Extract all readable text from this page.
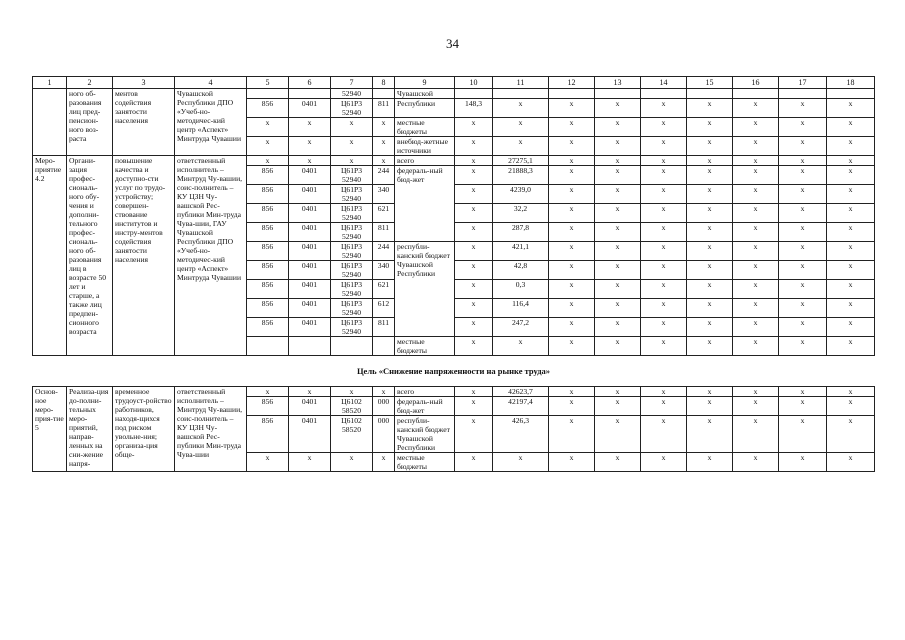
34
1	2	3	4	5	6	7	8	9	10	11	12	13	14	15	16	17	18
	ного об-разования лиц пред-пенсион-ного воз-раста	ментов содействия занятости населения	Чувашской Республики ДПО «Учеб-но-методичес-кий центр «Аспект» Минтруда Чувашии			52940		Чувашской									
				856	0401	Ц61Р3 52940	811	Республики	148,3	x	x	x	x	x	x	x	x
				x	x	x	x	местные бюджеты	x	x	x	x	x	x	x	x	x
				x	x	x	x	внебюд-жетные источники	x	x	x	x	x	x	x	x	x
Меро-приятие 4.2	Органи-зация профес-сиональ-ного обу-чения и дополни-тельного профес-сиональ-ного об-разования лиц в возрасте 50 лет и старше, а также лиц предпен-сионного возраста	повышение качества и доступно-сти услуг по трудо-устройству; совершен-ствование институтов и инстру-ментов содействия занятости населения	ответственный исполнитель – Минтруд Чу-вашии, соис-полнитель – КУ ЦЗН Чу-вашской Рес-публики Мин-труда Чува-шии, ГАУ Чувашской Республики ДПО «Учеб-но-методичес-кий центр «Аспект» Минтруда Чувашии	x	x	x	x	всего	x	27275,1	x	x	x	x	x	x	x
				856	0401	Ц61Р3 52940	244	федераль-ный бюд-жет	x	21888,3	x	x	x	x	x	x	x
				856	0401	Ц61Р3 52940	340		x	4239,0	x	x	x	x	x	x	x
				856	0401	Ц61Р3 52940	621		x	32,2	x	x	x	x	x	x	x
				856	0401	Ц61Р3 52940	811		x	287,8	x	x	x	x	x	x	x
				856	0401	Ц61Р3 52940	244	республи-канский бюджет Чувашской Республики	x	421,1	x	x	x	x	x	x	x
				856	0401	Ц61Р3 52940	340		x	42,8	x	x	x	x	x	x	x
				856	0401	Ц61Р3 52940	621		x	0,3	x	x	x	x	x	x	x
				856	0401	Ц61Р3 52940	612		x	116,4	x	x	x	x	x	x	x
				856	0401	Ц61Р3 52940	811		x	247,2	x	x	x	x	x	x	x
								местные бюджеты	x	x	x	x	x	x	x	x	x
Цель «Снижение напряженности на рынке труда»																	
Основ-ное меро-прия-тие 5	Реализа-ция до-полни-тельных меро-приятий, направ-ленных на сни-жение напря-	временное трудоуст-ройство работников, находя-щихся под риском увольне-ния; организа-ция обще-	ответственный исполнитель – Минтруд Чу-вашии, соис-полнитель – КУ ЦЗН Чу-вашской Рес-публики Мин-труда Чува-шии	x	x	x	x	всего	x	42623,7	x	x	x	x	x	x	x
				856	0401	Ц6102 58520	000	федераль-ный бюд-жет	x	42197,4	x	x	x	x	x	x	x
				856	0401	Ц6102 58520	000	республи-канский бюджет Чувашской Республики	x	426,3	x	x	x	x	x	x	x
				x	x	x	x	местные бюджеты	x	x	x	x	x	x	x	x	x
